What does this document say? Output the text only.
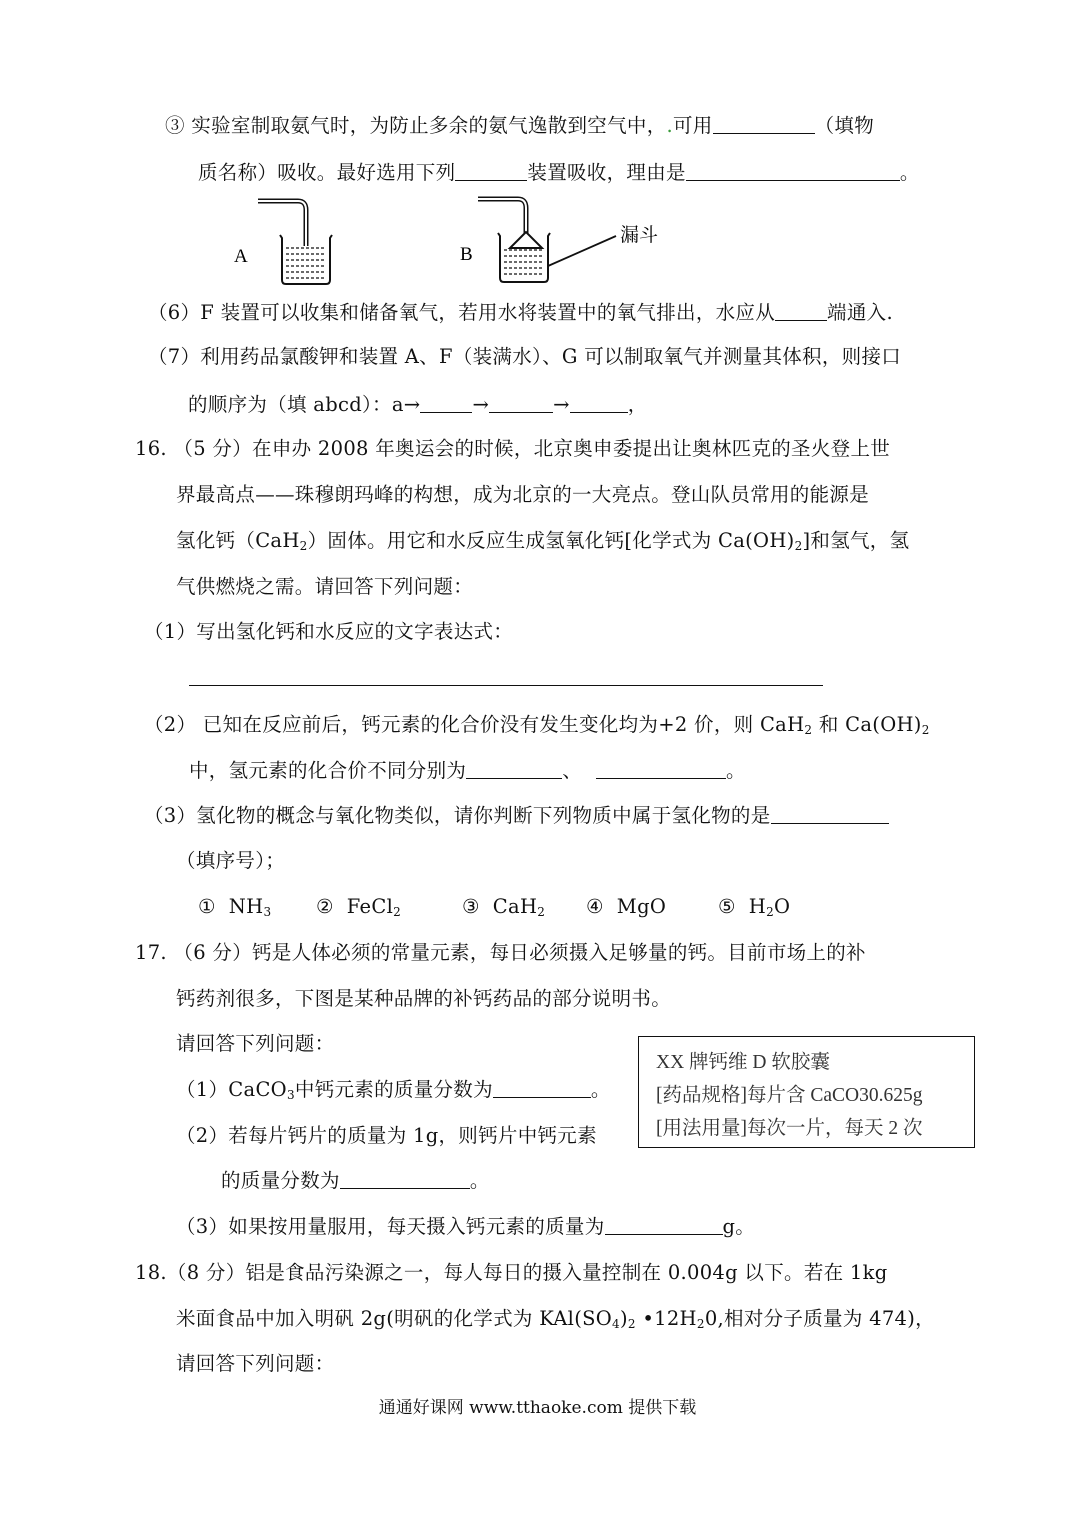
③ 实验室制取氨气时，为防止多余的氨气逸散到空气中，.可用	（填物
质名称）吸收。最好选用下列	装置吸收，理由是	。
A	B
漏斗
（6）F 装置可以收集和储备氧气，若用水将装置中的氧气排出，水应从	端通入.
（7）利用药品氯酸钾和装置 A、F（装满水）、G 可以制取氧气并测量其体积，则接口
的顺序为（填 abcd）：a→	→	→	，
16. （5 分）在申办 2008 年奥运会的时候，北京奥申委提出让奥林匹克的圣火登上世
界最高点——珠穆朗玛峰的构想，成为北京的一大亮点。登山队员常用的能源是
氢化钙（CaH$_2$）固体。用它和水反应生成氢氧化钙[化学式为 $Ca(OH)_2$]和氢气，氢
气供燃烧之需。请回答下列问题：
（1）写出氢化钙和水反应的文字表达式：
（2） 已知在反应前后，钙元素的化合价没有发生变化均为+2 价，则 CaH$_2$ 和 $Ca(OH)_2$
中，氢元素的化合价不同分别为	、	。
（3）氢化物的概念与氧化物类似，请你判断下列物质中属于氢化物的是
（填序号）；
① $NH_3$ ② FeCl$_2$	③ CaH$_2$ ④ MgO	⑤ $H_2O$
17. （6 分）钙是人体必须的常量元素，每日必须摄入足够量的钙。目前市场上的补
钙药剂很多，下图是某种品牌的补钙药品的部分说明书。
请回答下列问题：
（1）CaCO$_3$中钙元素的质量分数为	。
（2）若每片钙片的质量为 1g，则钙片中钙元素
的质量分数为	。
（3）如果按用量服用，每天摄入钙元素的质量为	g。
XX 牌钙维 D 软胶囊
[药品规格]每片含 CaCO30.625g
[用法用量]每次一片，每天 2 次
18.（8 分）铝是食品污染源之一，每人每日的摄入量控制在 0.004g 以下。若在 1kg
米面食品中加入明矾 2g(明矾的化学式为 $KAl(SO_4)_2$ $•12H_20$,相对分子质量为 474)，
请回答下列问题：
通通好课网 www.tthaoke.com 提供下载
